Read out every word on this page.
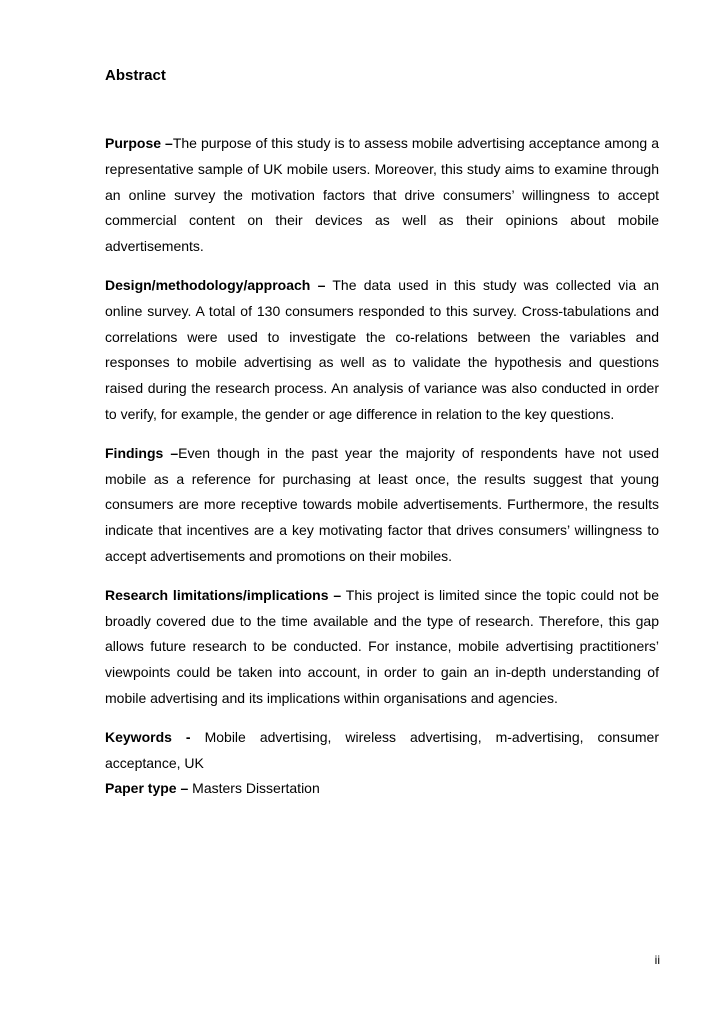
Abstract

Purpose –The purpose of this study is to assess mobile advertising acceptance among a representative sample of UK mobile users. Moreover, this study aims to examine through an online survey the motivation factors that drive consumers’ willingness to accept commercial content on their devices as well as their opinions about mobile advertisements.

Design/methodology/approach – The data used in this study was collected via an online survey. A total of 130 consumers responded to this survey. Cross-tabulations and correlations were used to investigate the co-relations between the variables and responses to mobile advertising as well as to validate the hypothesis and questions raised during the research process. An analysis of variance was also conducted in order to verify, for example, the gender or age difference in relation to the key questions.

Findings –Even though in the past year the majority of respondents have not used mobile as a reference for purchasing at least once, the results suggest that young consumers are more receptive towards mobile advertisements. Furthermore, the results indicate that incentives are a key motivating factor that drives consumers’ willingness to accept advertisements and promotions on their mobiles.

Research limitations/implications – This project is limited since the topic could not be broadly covered due to the time available and the type of research. Therefore, this gap allows future research to be conducted. For instance, mobile advertising practitioners’ viewpoints could be taken into account, in order to gain an in-depth understanding of mobile advertising and its implications within organisations and agencies.

Keywords - Mobile advertising, wireless advertising, m-advertising, consumer acceptance, UK

Paper type – Masters Dissertation

ii
